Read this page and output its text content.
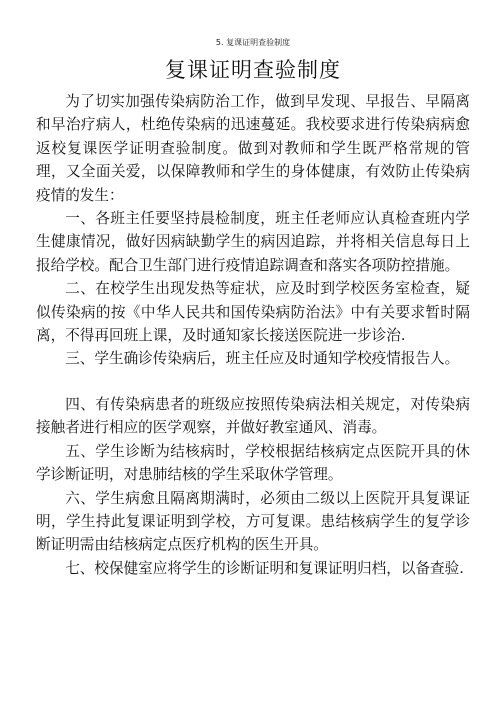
5. 复课证明查验制度
复课证明查验制度

为了切实加强传染病防治工作，做到早发现、早报告、早隔离和早治疗病人，杜绝传染病的迅速蔓延。我校要求进行传染病病愈返校复课医学证明查验制度。做到对教师和学生既严格常规的管理，又全面关爱，以保障教师和学生的身体健康，有效防止传染病疫情的发生：

一、各班主任要坚持晨检制度，班主任老师应认真检查班内学生健康情况，做好因病缺勤学生的病因追踪，并将相关信息每日上报给学校。配合卫生部门进行疫情追踪调查和落实各项防控措施。

二、在校学生出现发热等症状，应及时到学校医务室检查，疑似传染病的按《中华人民共和国传染病防治法》中有关要求暂时隔离，不得再回班上课，及时通知家长接送医院进一步诊治.

三、学生确诊传染病后，班主任应及时通知学校疫情报告人。

四、有传染病患者的班级应按照传染病法相关规定，对传染病接触者进行相应的医学观察，并做好教室通风、消毒。

五、学生诊断为结核病时，学校根据结核病定点医院开具的休学诊断证明，对患肺结核的学生采取休学管理。

六、学生病愈且隔离期满时，必须由二级以上医院开具复课证明，学生持此复课证明到学校，方可复课。患结核病学生的复学诊断证明需由结核病定点医疗机构的医生开具。

七、校保健室应将学生的诊断证明和复课证明归档，以备查验.
